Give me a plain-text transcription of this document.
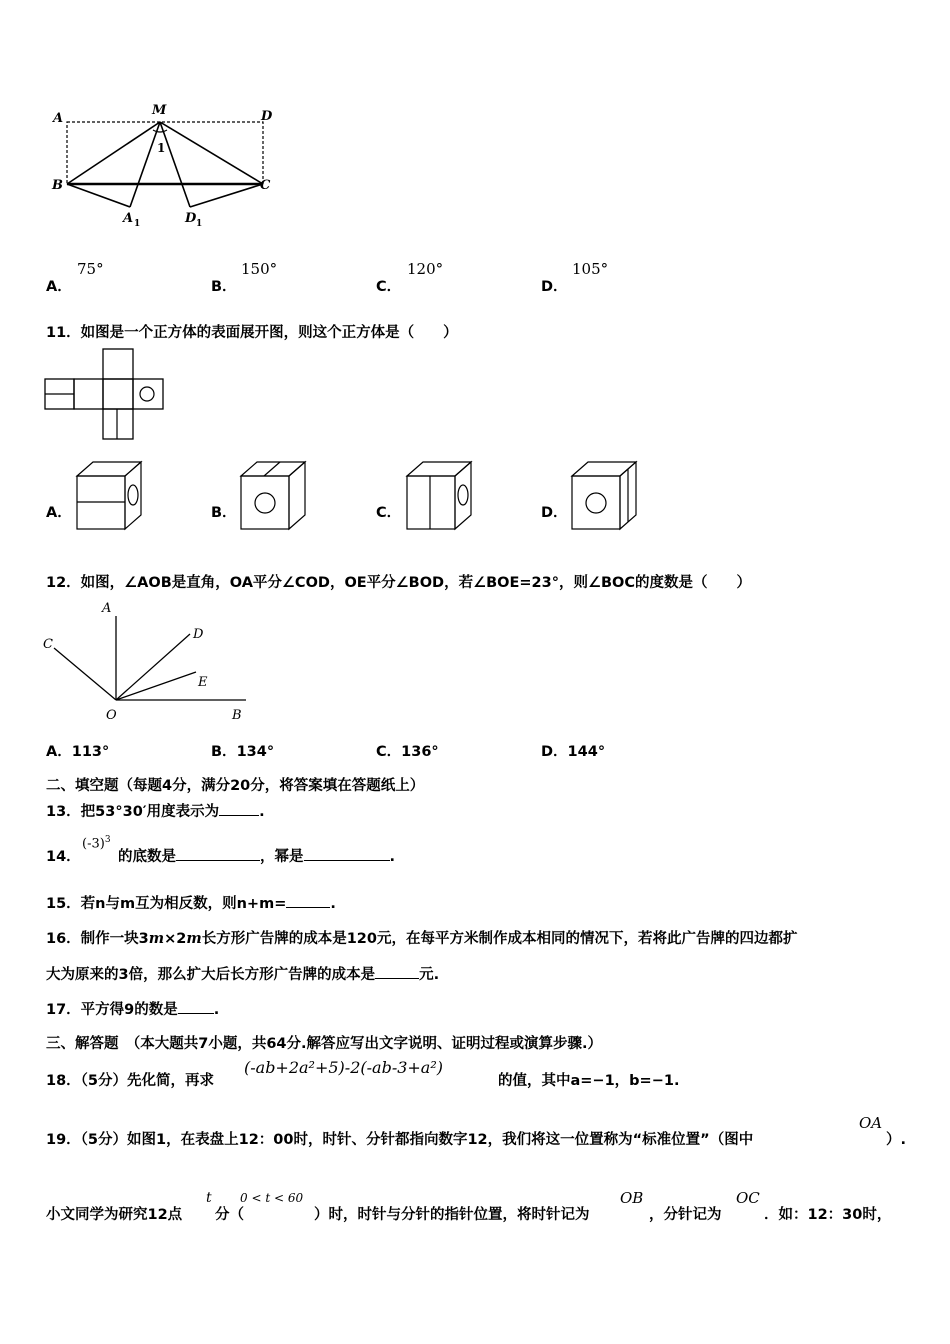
A
M	D
B	C
A 1	D 1
1
A．
75°
B．
150°
C．
120°
D．
105°
11．如图是一个正方体的表面展开图，则这个正方体是（　　）
A．	B．	C．	D．
12．如图，∠AOB是直角，OA平分∠COD，OE平分∠BOD，若∠BOE=23°，则∠BOC的度数是（　　）
A
C
D
E
O	B
A．113°	B．134°	C．136°	D．144°
二、填空题（每题4分，满分20分，将答案填在答题纸上）
13．把53°30′用度表示为	.
14．
$(-3)^3$
的底数是	，幂是	.
15．若n与m互为相反数，则n+m=	.
16．制作一块3m×2m长方形广告牌的成本是120元，在每平方米制作成本相同的情况下，若将此广告牌的四边都扩
大为原来的3倍，那么扩大后长方形广告牌的成本是	元.
17．平方得9的数是 .
三、解答题　（本大题共7小题，共64分.解答应写出文字说明、证明过程或演算步骤.）
18．（5分）先化简，再求
(-ab+2a²+5)-2(-ab-3+a²)
的值，其中a=−1，b=−1.
19．（5分）如图1，在表盘上12：00时，时针、分针都指向数字12，我们将这一位置称为“标准位置”（图中
OA
）.
小文同学为研究12点
t
分（
0 < t < 60
）时，时针与分针的指针位置，将时针记为
OB
，分针记为
OC
．如：12：30时，
